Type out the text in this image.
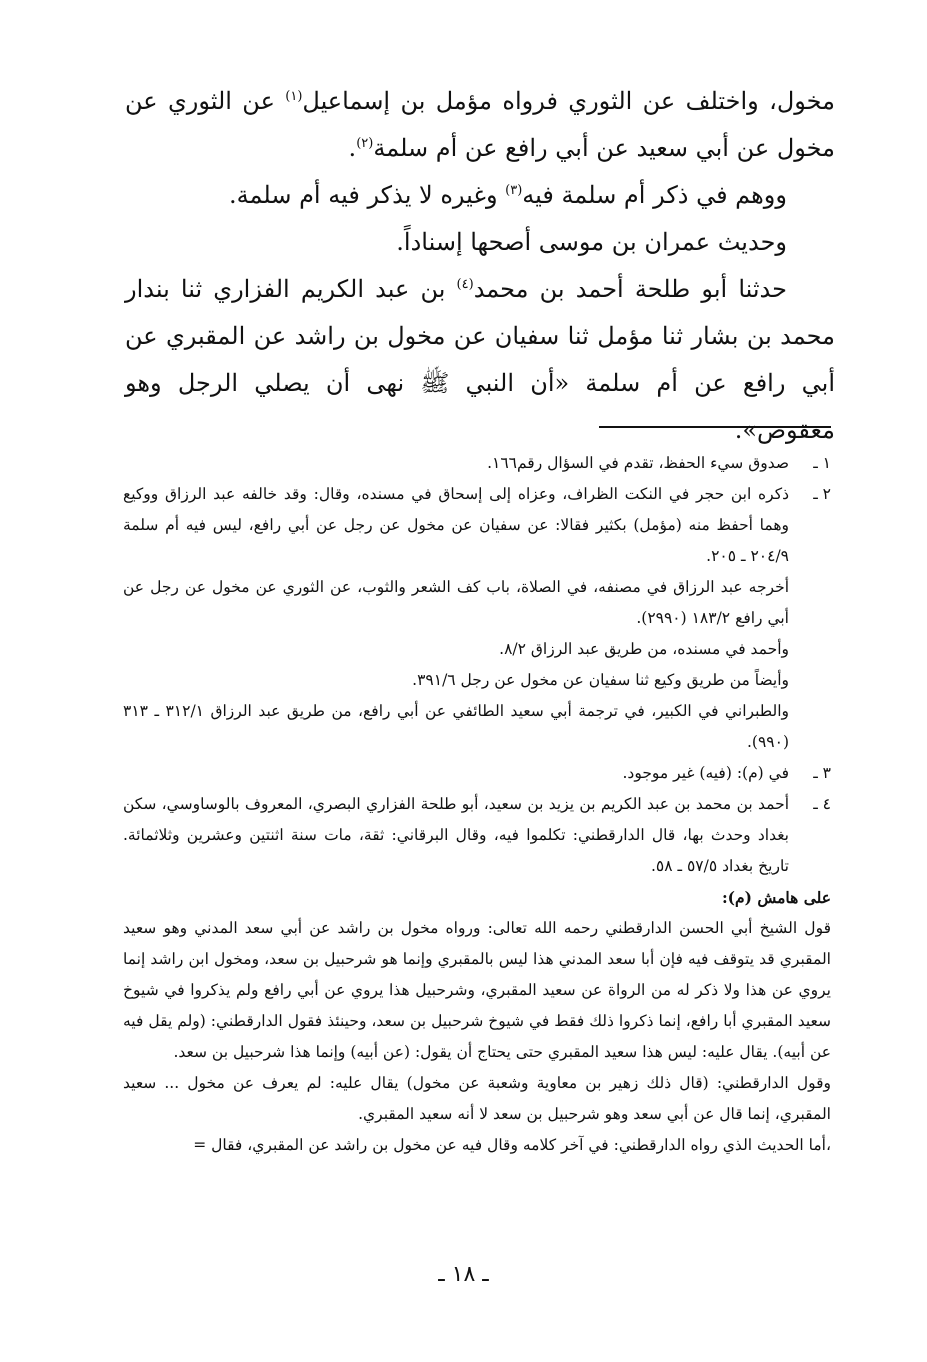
مخول، واختلف عن الثوري فرواه مؤمل بن إسماعيل$^{(١)}$ عن الثوري عن مخول عن أبي سعيد عن أبي رافع عن أم سلمة$^{(٢)}$.

ووهم في ذكر أم سلمة فيه$^{(٣)}$ وغيره لا يذكر فيه أم سلمة.

وحديث عمران بن موسى أصحها إسناداً.

حدثنا أبو طلحة أحمد بن محمد$^{(٤)}$ بن عبد الكريم الفزاري ثنا بندار محمد بن بشار ثنا مؤمل ثنا سفيان عن مخول بن راشد عن المقبري عن أبي رافع عن أم سلمة «أن النبي ﷺ نهى أن يصلي الرجل وهو معقوص».

١ ـ

صدوق سيء الحفظ، تقدم في السؤال رقم١٦٦.

٢ ـ

ذكره ابن حجر في النكت الظراف، وعزاه إلى إسحاق في مسنده، وقال: وقد خالفه عبد الرزاق ووكيع وهما أحفظ منه (مؤمل) بكثير فقالا: عن سفيان عن مخول عن رجل عن أبي رافع، ليس فيه أم سلمة ٢٠٤/٩ ـ ٢٠٥.

أخرجه عبد الرزاق في مصنفه، في الصلاة، باب كف الشعر والثوب، عن الثوري عن مخول عن رجل عن أبي رافع ١٨٣/٢ (٢٩٩٠).

وأحمد في مسنده، من طريق عبد الرزاق ٨/٢.

وأيضاً من طريق وكيع ثنا سفيان عن مخول عن رجل ٣٩١/٦.

والطبراني في الكبير، في ترجمة أبي سعيد الطائفي عن أبي رافع، من طريق عبد الرزاق ٣١٢/١ ـ ٣١٣ (٩٩٠).

٣ ـ

في (م): (فيه) غير موجود.

٤ ـ

أحمد بن محمد بن عبد الكريم بن يزيد بن سعيد، أبو طلحة الفزاري البصري، المعروف بالوساوسي، سكن بغداد وحدث بها، قال الدارقطني: تكلموا فيه، وقال البرقاني: ثقة، مات سنة اثنتين وعشرين وثلاثمائة. تاريخ بغداد ٥٧/٥ ـ ٥٨.

على هامش (م):

قول الشيخ أبي الحسن الدارقطني رحمه الله تعالى: ورواه مخول بن راشد عن أبي سعد المدني وهو سعيد المقبري قد يتوقف فيه فإن أبا سعد المدني هذا ليس بالمقبري وإنما هو شرحبيل بن سعد، ومخول ابن راشد إنما يروي عن هذا ولا ذكر له من الرواة عن سعيد المقبري، وشرحبيل هذا يروي عن أبي رافع ولم يذكروا في شيوخ سعيد المقبري أبا رافع، إنما ذكروا ذلك فقط في شيوخ شرحبيل بن سعد، وحينئذ فقول الدارقطني: (ولم يقل فيه عن أبيه). يقال عليه: ليس هذا سعيد المقبري حتى يحتاج أن يقول: (عن أبيه) وإنما هذا شرحبيل بن سعد.

وقول الدارقطني: (قال ذلك زهير بن معاوية وشعبة عن مخول) يقال عليه: لم يعرف عن مخول ... سعيد المقبري، إنما قال عن أبي سعد وهو شرحبيل بن سعد لا أنه سعيد المقبري.

،أما الحديث الذي رواه الدارقطني: في آخر كلامه وقال فيه عن مخول بن راشد عن المقبري، فقال =

ـ ١٨ ـ
